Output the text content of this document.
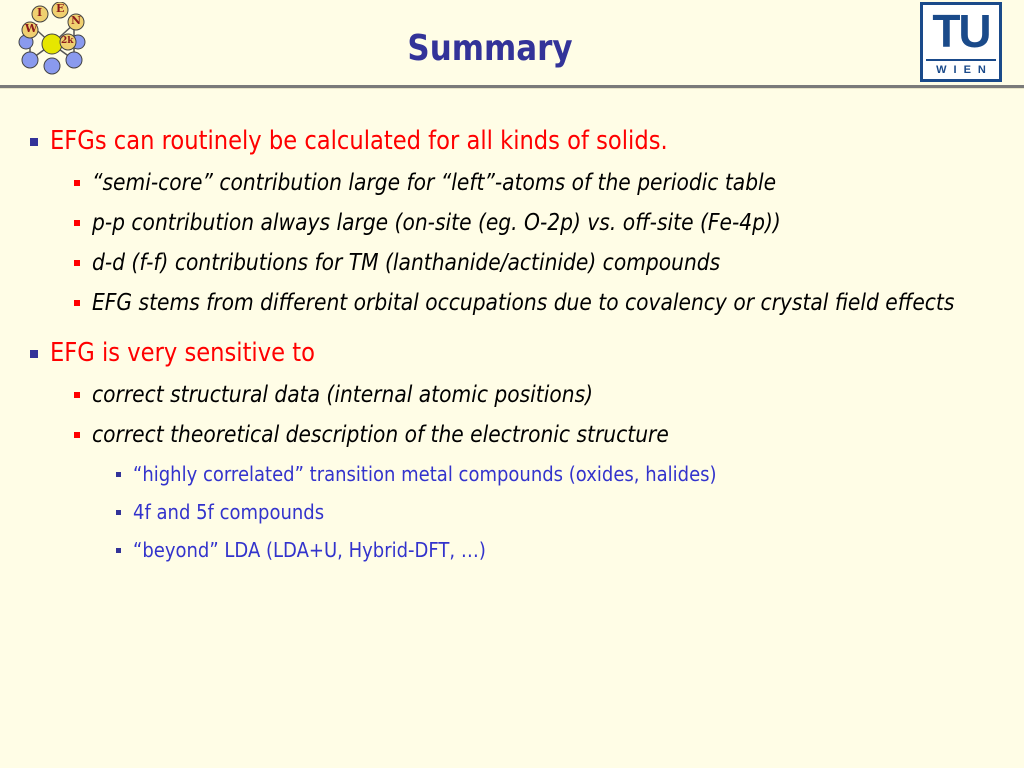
W
I E
N
2k	Summary	TU
WIEN
EFGs can routinely be calculated for all kinds of solids.
“semi-core” contribution large for “left”-atoms of the periodic table
p-p contribution always large (on-site (eg. O-2p) vs. off-site (Fe-4p))
d-d (f-f) contributions for TM (lanthanide/actinide) compounds
EFG stems from different orbital occupations due to covalency or crystal field effects
EFG is very sensitive to
correct structural data (internal atomic positions)
correct theoretical description of the electronic structure
“highly correlated” transition metal compounds (oxides, halides)
4f and 5f compounds
“beyond” LDA (LDA+U, Hybrid-DFT, …)
